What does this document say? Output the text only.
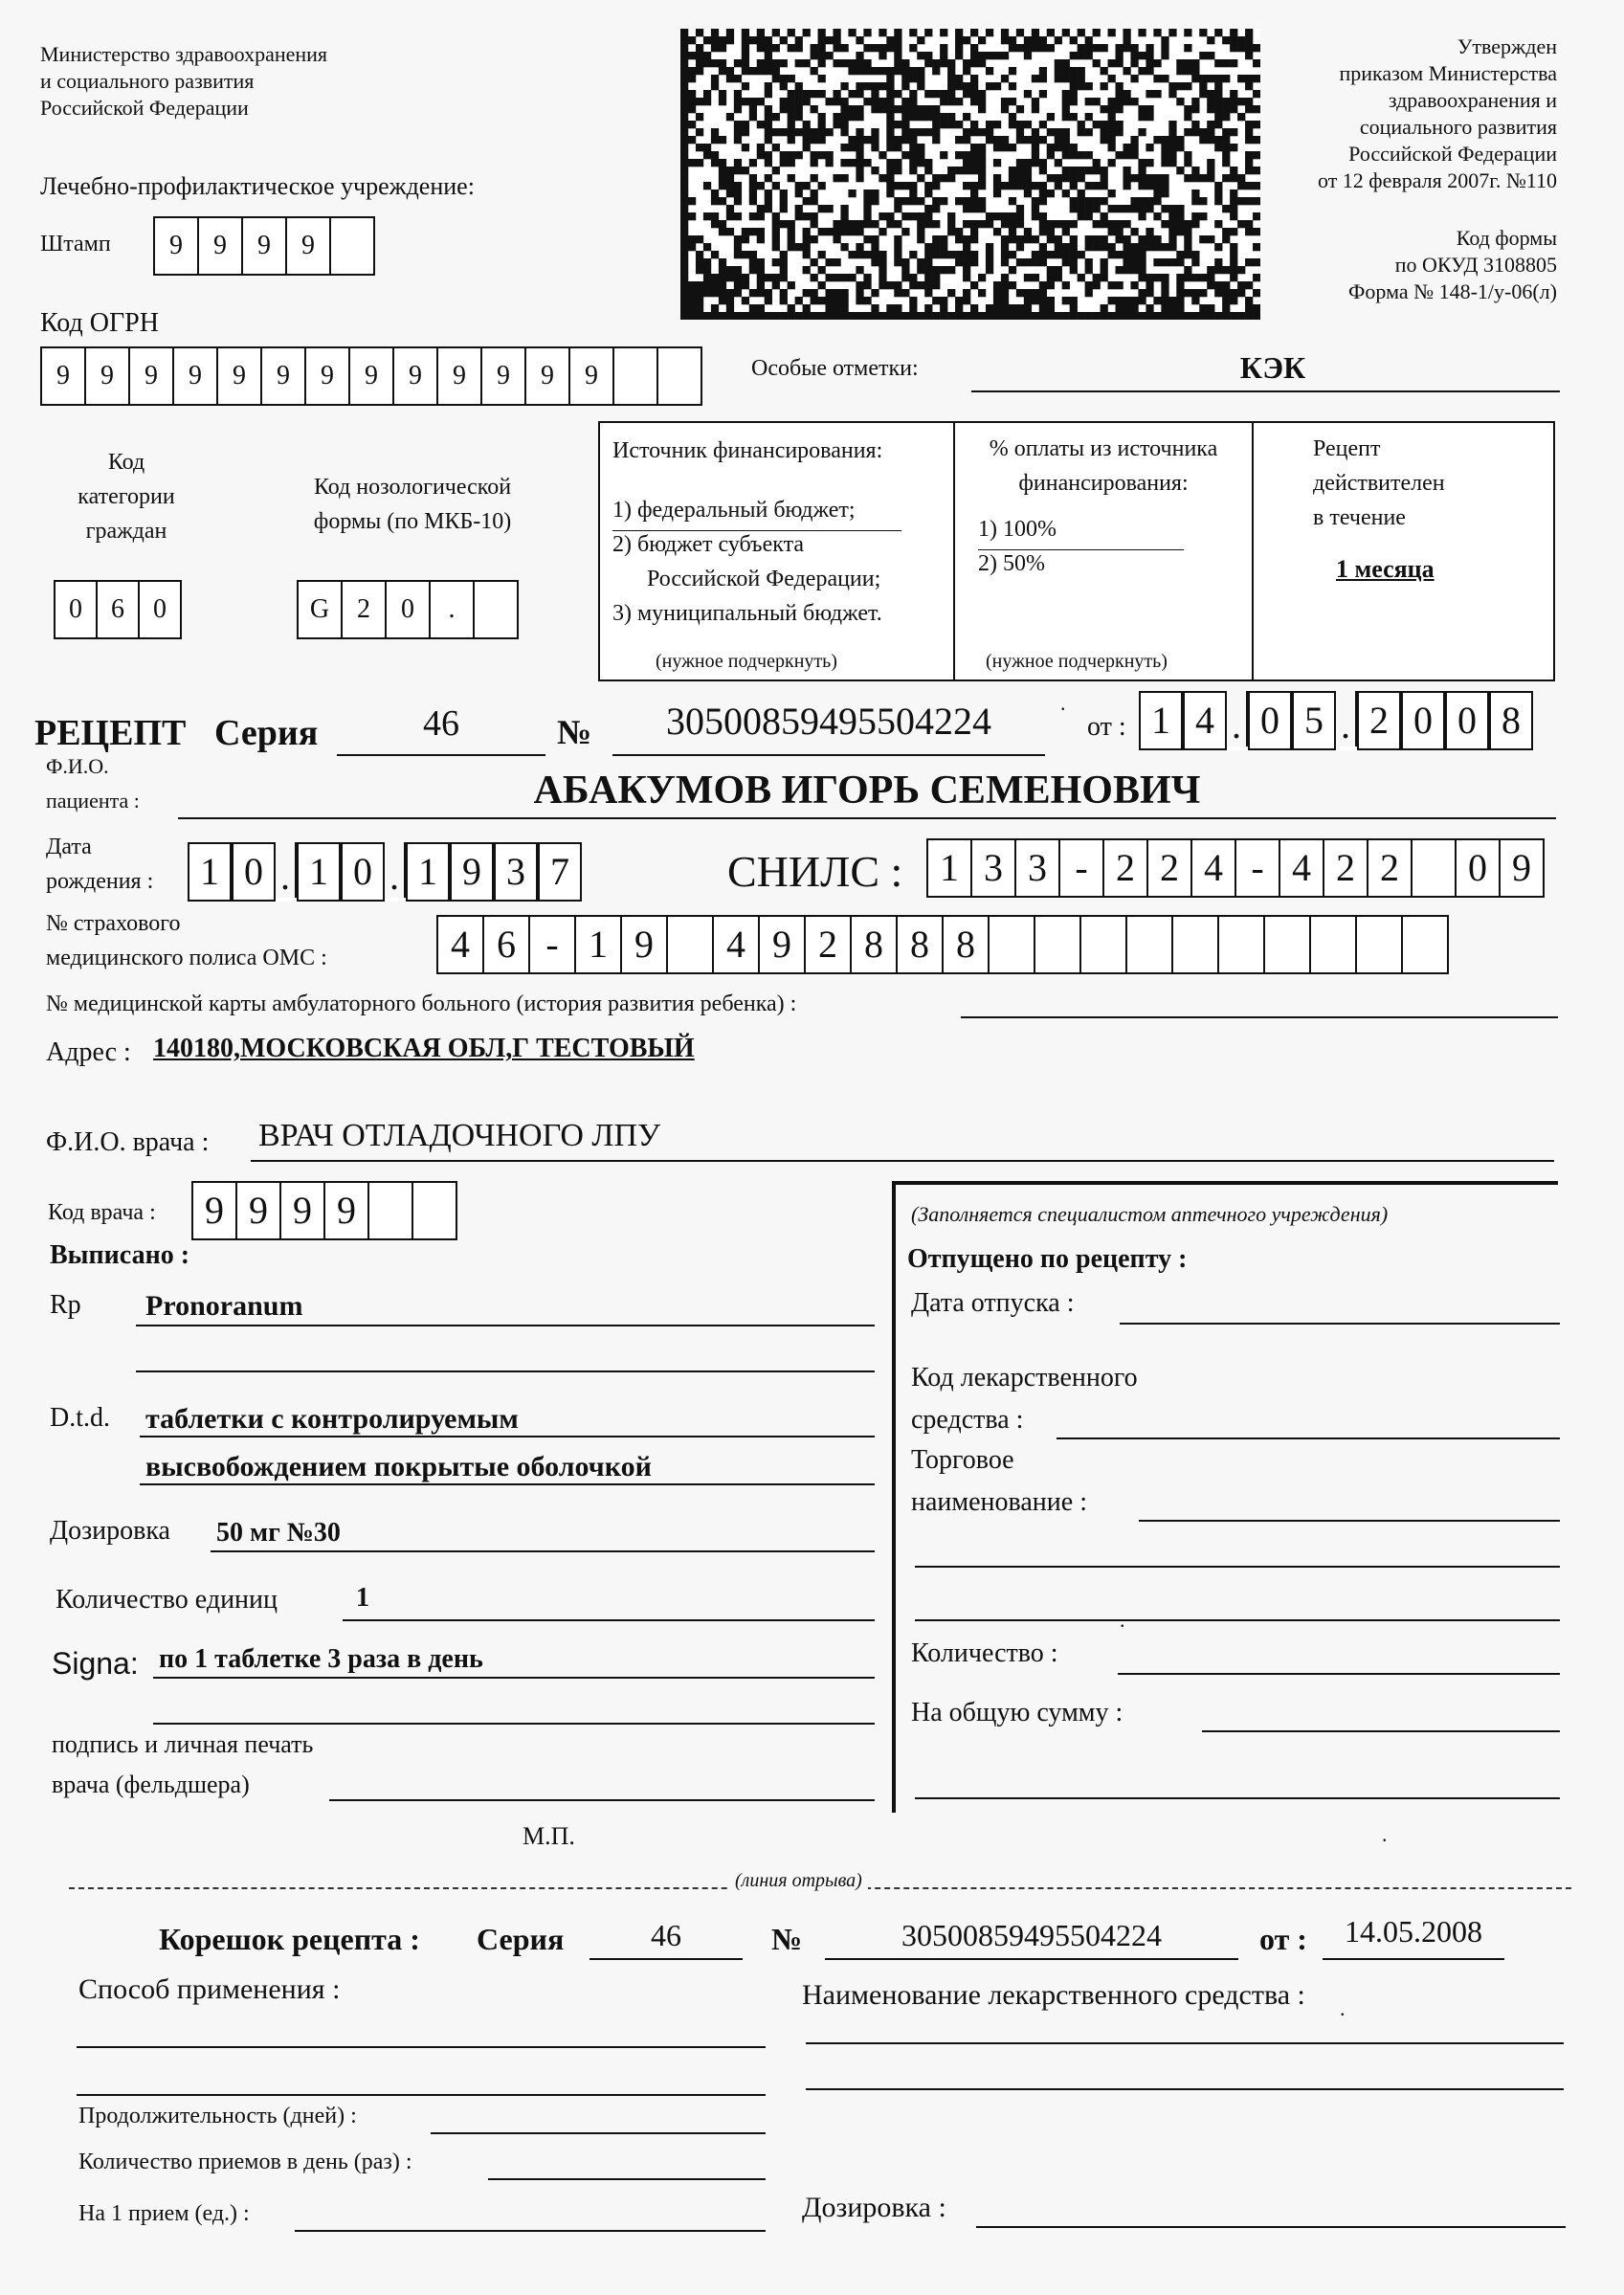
Министерство здравоохранения
и социального развития
Российской Федерации
Лечебно-профилактическое учреждение:
Штамп	9	9	9	9
Код ОГРН
9	9	9	9	9	9	9	9	9	9	9	9	9
Утвержден
приказом Министерства
здравоохранения и
социального развития
Российской Федерации
от 12 февраля 2007г. №110
Код формы
по ОКУД 3108805
Форма № 148-1/у-06(л)
Особые отметки:	КЭК
Код
категории
граждан
0	6	0
Код нозологической
формы (по МКБ-10)
G	2	0	.
Источник финансирования:
1) федеральный бюджет;
2) бюджет субъекта
Российской Федерации;
3) муниципальный бюджет.
(нужное подчеркнуть)
% оплаты из источника
финансирования:
1) 100%
2) 50%
(нужное подчеркнуть)
Рецепт
действителен
в течение
1 месяца
РЕЦЕПТ Серия	46	№	30500859495504224	от : 1 4 . 0 5 . 2 0 0 8
Ф.И.О.
пациента :	АБАКУМОВ ИГОРЬ СЕМЕНОВИЧ
Дата
рождения :	1 0 . 1 0 . 1 9 3 7	СНИЛС : 1 3 3 - 2 2 4 - 4 2 2	0 9
№ страхового
медицинского полиса ОМС :	4 6 - 1 9	4 9 2 8 8 8
№ медицинской карты амбулаторного больного (история развития ребенка) :
Адрес : 140180,МОСКОВСКАЯ ОБЛ,Г ТЕСТОВЫЙ
Ф.И.О. врача : ВРАЧ ОТЛАДОЧНОГО ЛПУ
Код врача :	9 9 9 9
Выписано :
Rp Pronoranum
D.t.d. таблетки с контролируемым
высвобождением покрытые оболочкой
Дозировка 50 мг №30
Количество единиц	1
Signa: по 1 таблетке 3 раза в день
подпись и личная печать
врача (фельдшера)
М.П.
(Заполняется специалистом аптечного учреждения)
Отпущено по рецепту :
Дата отпуска :
Код лекарственного
средства :
Торговое
наименование :
Количество :
На общую сумму :
(линия отрыва)
Корешок рецепта : Серия	46	№	30500859495504224	от :	14.05.2008
Способ применения :	Наименование лекарственного средства :
Продолжительность (дней) :
Количество приемов в день (раз) :
На 1 прием (ед.) :	Дозировка :
.
.
.
.
